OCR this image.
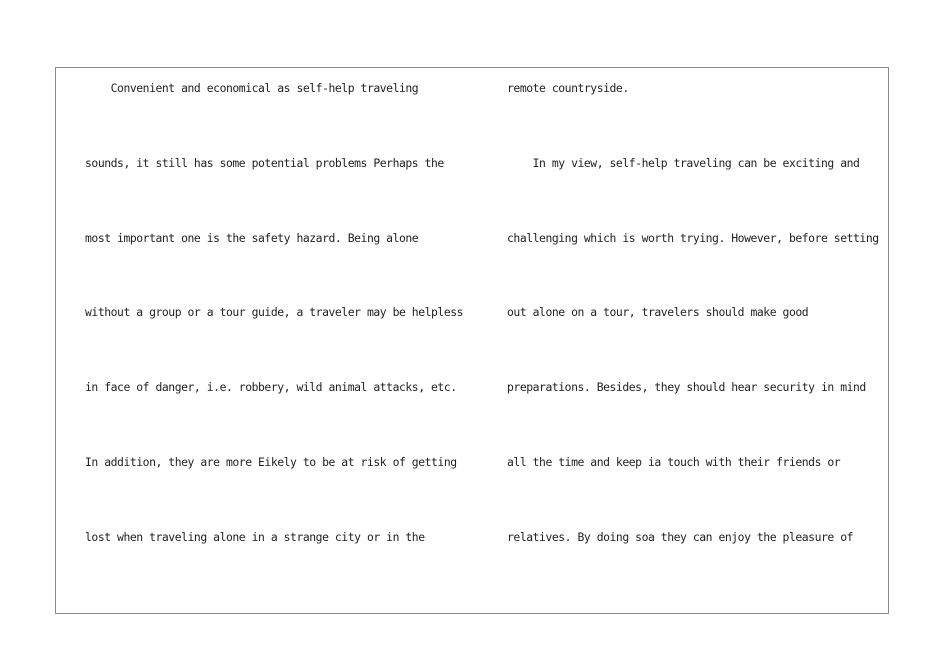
Convenient and economical as self-help traveling
sounds, it still has some potential problems Perhaps the
most important one is the safety hazard. Being alone
without a group or a tour guide, a traveler may be helpless
in face of danger, i.e. robbery, wild animal attacks, etc.
In addition, they are more Eikely to be at risk of getting
lost when traveling alone in a strange city or in the
remote countryside.
In my view, self-help traveling can be exciting and
challenging which is worth trying. However, before setting
out alone on a tour, travelers should make good
preparations. Besides, they should hear security in mind
all the time and keep ia touch with their friends or
relatives. By doing soa they can enjoy the pleasure of
